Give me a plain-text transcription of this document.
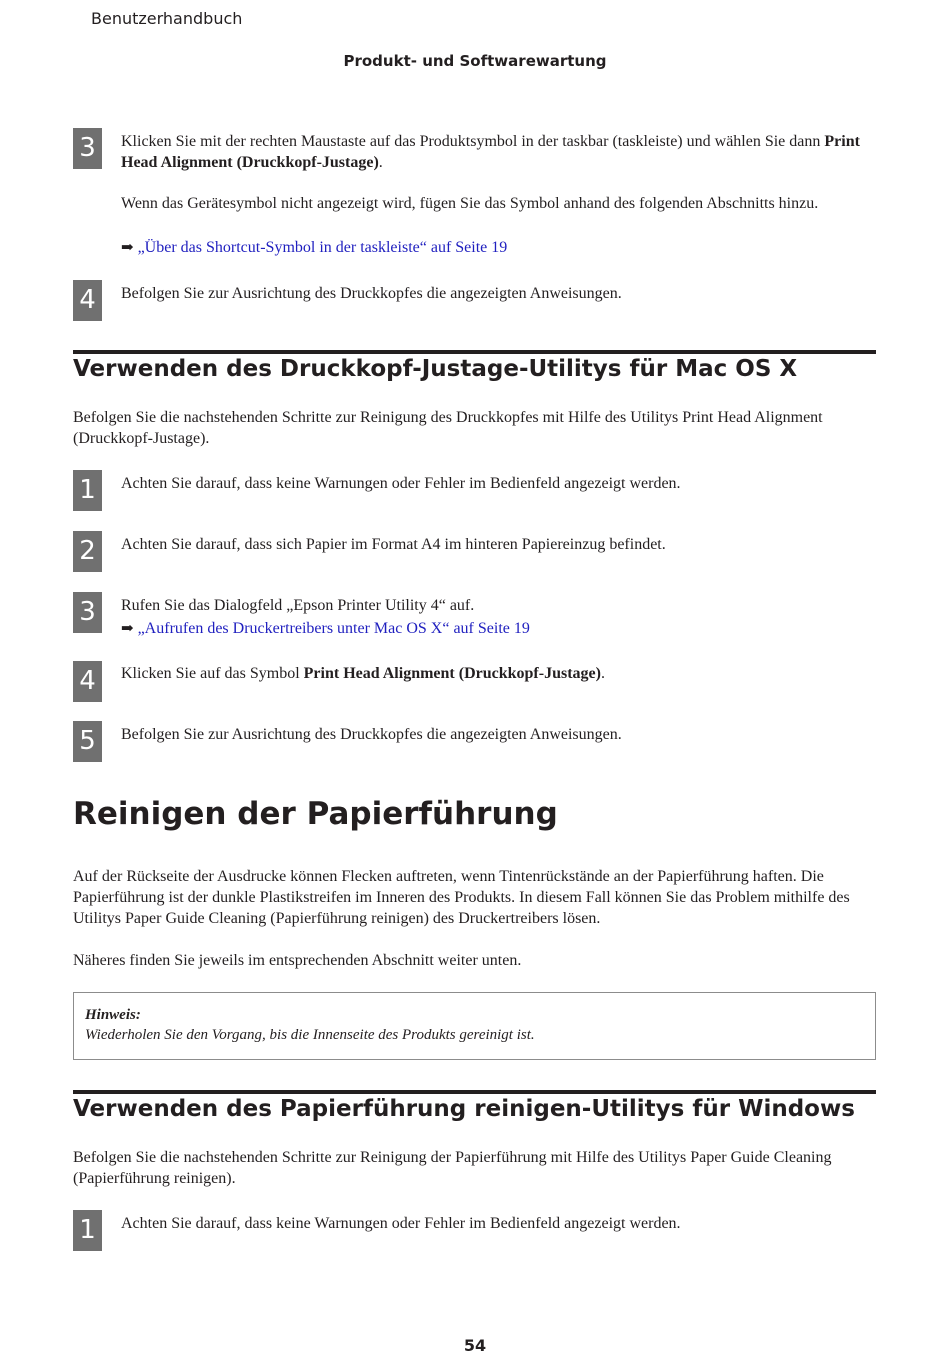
Benutzerhandbuch
Produkt- und Softwarewartung
3	Klicken Sie mit der rechten Maustaste auf das Produktsymbol in der taskbar (taskleiste) und wählen Sie dann Print Head Alignment (Druckkopf-Justage).
Wenn das Gerätesymbol nicht angezeigt wird, fügen Sie das Symbol anhand des folgenden Abschnitts hinzu.
➡ „Über das Shortcut-Symbol in der taskleiste“ auf Seite 19
4	Befolgen Sie zur Ausrichtung des Druckkopfes die angezeigten Anweisungen.
Verwenden des Druckkopf-Justage-Utilitys für Mac OS X
Befolgen Sie die nachstehenden Schritte zur Reinigung des Druckkopfes mit Hilfe des Utilitys Print Head Alignment (Druckkopf-Justage).
1	Achten Sie darauf, dass keine Warnungen oder Fehler im Bedienfeld angezeigt werden.
2	Achten Sie darauf, dass sich Papier im Format A4 im hinteren Papiereinzug befindet.
3	Rufen Sie das Dialogfeld „Epson Printer Utility 4“ auf.
➡ „Aufrufen des Druckertreibers unter Mac OS X“ auf Seite 19
4	Klicken Sie auf das Symbol Print Head Alignment (Druckkopf-Justage).
5	Befolgen Sie zur Ausrichtung des Druckkopfes die angezeigten Anweisungen.
Reinigen der Papierführung
Auf der Rückseite der Ausdrucke können Flecken auftreten, wenn Tintenrückstände an der Papierführung haften. Die Papierführung ist der dunkle Plastikstreifen im Inneren des Produkts. In diesem Fall können Sie das Problem mithilfe des Utilitys Paper Guide Cleaning (Papierführung reinigen) des Druckertreibers lösen.
Näheres finden Sie jeweils im entsprechenden Abschnitt weiter unten.
Hinweis:
Wiederholen Sie den Vorgang, bis die Innenseite des Produkts gereinigt ist.
Verwenden des Papierführung reinigen-Utilitys für Windows
Befolgen Sie die nachstehenden Schritte zur Reinigung der Papierführung mit Hilfe des Utilitys Paper Guide Cleaning (Papierführung reinigen).
1	Achten Sie darauf, dass keine Warnungen oder Fehler im Bedienfeld angezeigt werden.
54
